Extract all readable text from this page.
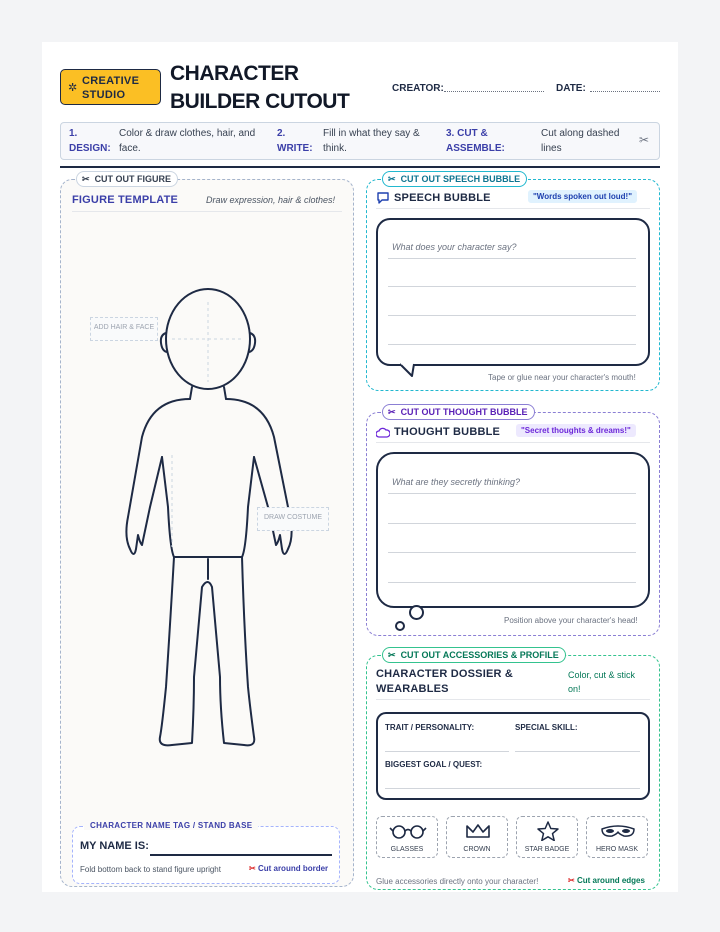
✲
CREATIVE
STUDIO
CHARACTER
BUILDER CUTOUT
CREATOR:	DATE:
1.
DESIGN:
Color & draw clothes, hair, and
face.
2.
WRITE:
Fill in what they say &
think.
3. CUT &
ASSEMBLE:
Cut along dashed
lines
✂
✂ CUT OUT FIGURE
FIGURE TEMPLATE	Draw expression, hair & clothes!
ADD HAIR & FACE
DRAW COSTUME
CHARACTER NAME TAG / STAND BASE
MY NAME IS:
Fold bottom back to stand figure upright	✂ Cut around border
✂ CUT OUT SPEECH BUBBLE
SPEECH BUBBLE	"Words spoken out loud!"
What does your character say?
Tape or glue near your character's mouth!
✂ CUT OUT THOUGHT BUBBLE
THOUGHT BUBBLE	"Secret thoughts & dreams!"
What are they secretly thinking?
Position above your character's head!
✂ CUT OUT ACCESSORIES & PROFILE
CHARACTER DOSSIER &
WEARABLES
Color, cut & stick
on!
TRAIT / PERSONALITY:	SPECIAL SKILL:
BIGGEST GOAL / QUEST:
GLASSES	CROWN	STAR BADGE	HERO MASK
Glue accessories directly onto your character!	✂ Cut around edges
